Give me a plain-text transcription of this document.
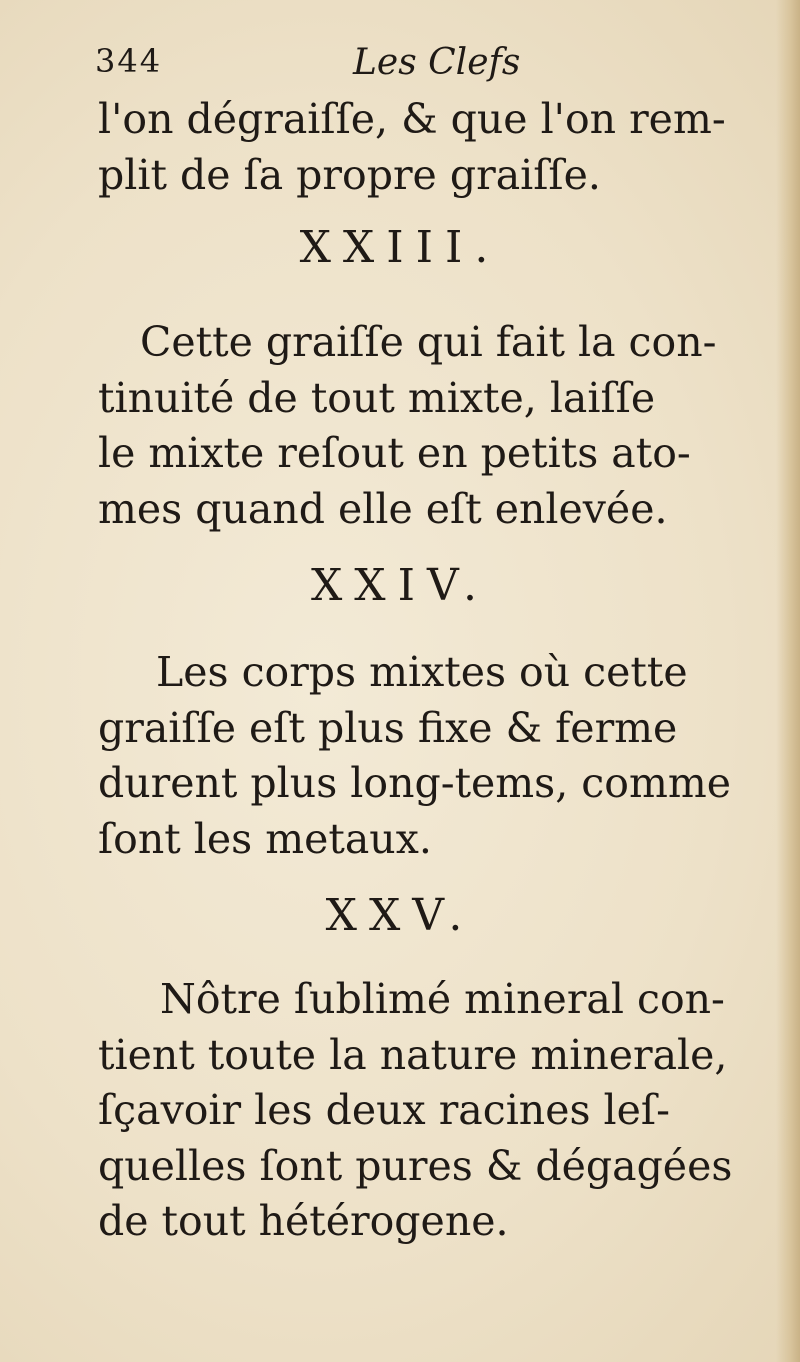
344	Les Clefs
l'on dégraiſſe, & que l'on rem-
plit de ſa propre graiſſe.
XXIII.
Cette graiſſe qui fait la con-
tinuité de tout mixte, laiſſe
le mixte reſout en petits ato-
mes quand elle eſt enlevée.
XXIV.
Les corps mixtes où cette
graiſſe eſt plus fixe & ferme
durent plus long-tems, comme
ſont les metaux.
XXV.
Nôtre ſublimé mineral con-
tient toute la nature minerale,
ſçavoir les deux racines leſ-
quelles ſont pures & dégagées
de tout hétérogene.
